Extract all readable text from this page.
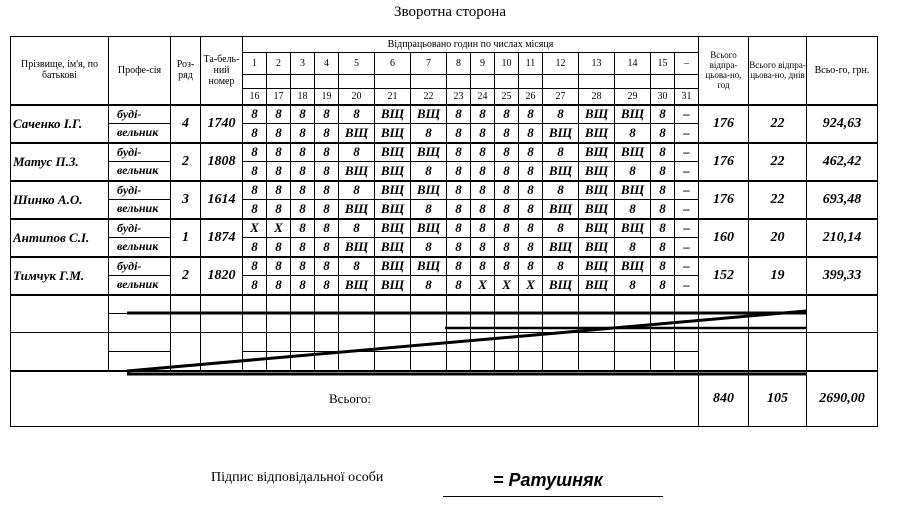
Зворотна сторона
Прізвище, ім'я, по батькові	Профе-сія	Роз-ряд	Та-бель-ний номер	Відпрацьовано годин по числах місяця																Всього відпра-цьова-но, год	Всього відпра-цьова-но, днів	Всьо-го, грн.
				1	2	3	4	5	6	7	8	9	10	11	12	13	14	15	–			

				16	17	18	19	20	21	22	23	24	25	26	27	28	29	30	31			
Саченко І.Г.	буді-	4	1740	8	8	8	8	8	ВЩ	ВЩ	8	8	8	8	8	ВЩ	ВЩ	8	–	176	22	924,63
	вельник			8	8	8	8	ВЩ	ВЩ	8	8	8	8	8	ВЩ	ВЩ	8	8	–			
Матус П.З.	буді-	2	1808	8	8	8	8	8	ВЩ	ВЩ	8	8	8	8	8	ВЩ	ВЩ	8	–	176	22	462,42
	вельник			8	8	8	8	ВЩ	ВЩ	8	8	8	8	8	ВЩ	ВЩ	8	8	–			
Шинко А.О.	буді-	3	1614	8	8	8	8	8	ВЩ	ВЩ	8	8	8	8	8	ВЩ	ВЩ	8	–	176	22	693,48
	вельник			8	8	8	8	ВЩ	ВЩ	8	8	8	8	8	ВЩ	ВЩ	8	8	–			
Антипов С.І.	буді-	1	1874	Х	Х	8	8	8	ВЩ	ВЩ	8	8	8	8	8	ВЩ	ВЩ	8	–	160	20	210,14
	вельник			8	8	8	8	ВЩ	ВЩ	8	8	8	8	8	ВЩ	ВЩ	8	8	–			
Тимчук Г.М.	буді-	2	1820	8	8	8	8	8	ВЩ	ВЩ	8	8	8	8	8	ВЩ	ВЩ	8	–	152	19	399,33
	вельник			8	8	8	8	ВЩ	ВЩ	8	8	Х	Х	Х	ВЩ	ВЩ	8	8	–			

Всього:																				840	105	2690,00
Підпис відповідальної особи	= Ратушняк
